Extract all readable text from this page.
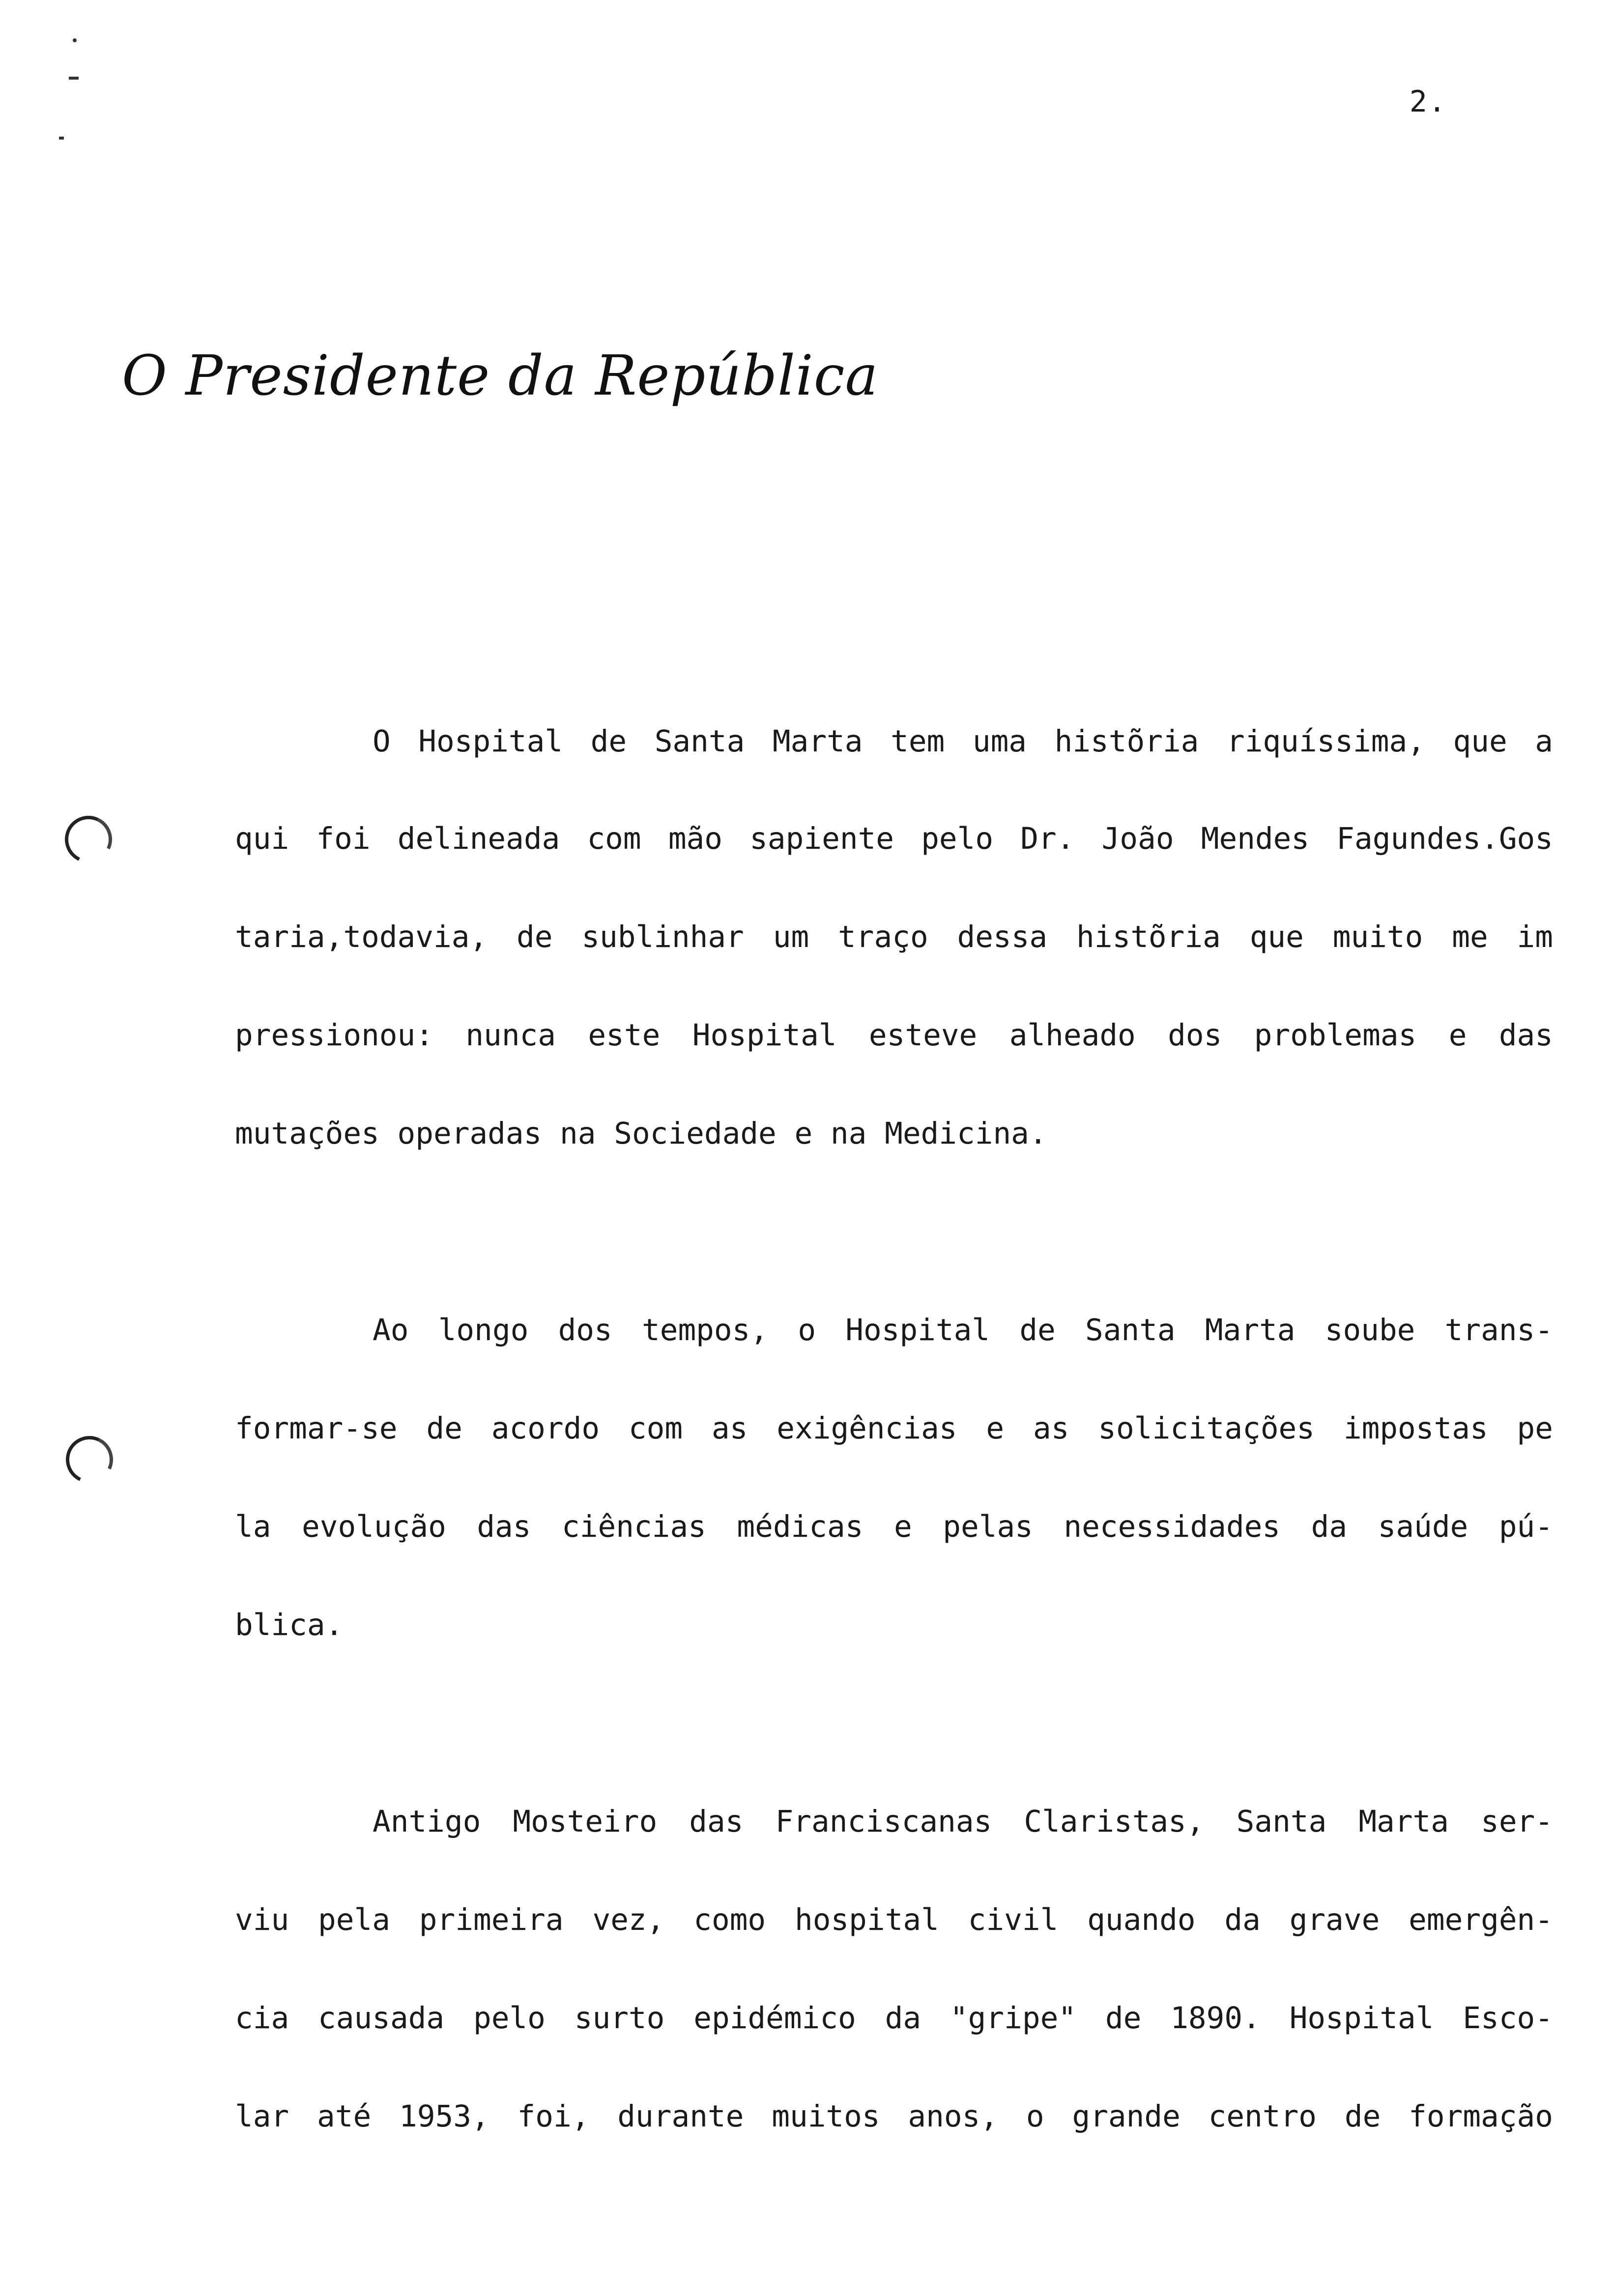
2.
O Presidente da República
O Hospital de Santa Marta tem uma histõria riquíssima, que a
qui foi delineada com mão sapiente pelo Dr. João Mendes Fagundes.Gos
taria,todavia, de sublinhar um traço dessa histõria que muito me im
pressionou: nunca este Hospital esteve alheado dos problemas e das
mutações operadas na Sociedade e na Medicina.
Ao longo dos tempos, o Hospital de Santa Marta soube trans-
formar-se de acordo com as exigências e as solicitações impostas pe
la evolução das ciências médicas e pelas necessidades da saúde pú-
blica.
Antigo Mosteiro das Franciscanas Claristas, Santa Marta ser-
viu pela primeira vez, como hospital civil quando da grave emergên-
cia causada pelo surto epidémico da "gripe" de 1890. Hospital Esco-
lar até 1953, foi, durante muitos anos, o grande centro de formação
